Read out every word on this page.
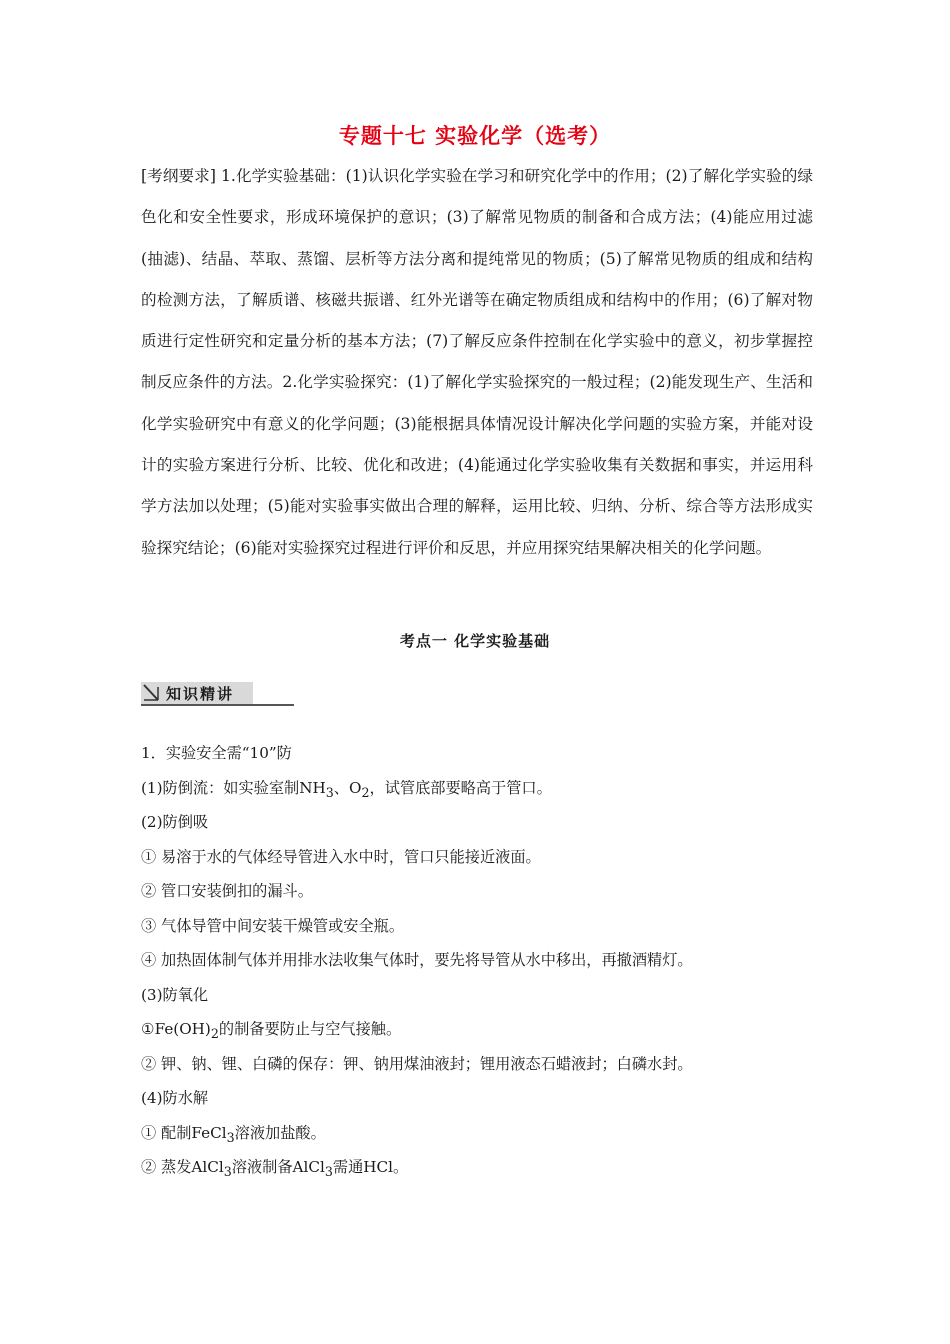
专题十七 实验化学（选考）

[考纲要求] 1.化学实验基础：(1)认识化学实验在学习和研究化学中的作用；(2)了解化学实验的绿色化和安全性要求，形成环境保护的意识；(3)了解常见物质的制备和合成方法；(4)能应用过滤(抽滤)、结晶、萃取、蒸馏、层析等方法分离和提纯常见的物质；(5)了解常见物质的组成和结构的检测方法，了解质谱、核磁共振谱、红外光谱等在确定物质组成和结构中的作用；(6)了解对物质进行定性研究和定量分析的基本方法；(7)了解反应条件控制在化学实验中的意义，初步掌握控制反应条件的方法。2.化学实验探究：(1)了解化学实验探究的一般过程；(2)能发现生产、生活和化学实验研究中有意义的化学问题；(3)能根据具体情况设计解决化学问题的实验方案，并能对设计的实验方案进行分析、比较、优化和改进；(4)能通过化学实验收集有关数据和事实，并运用科学方法加以处理；(5)能对实验事实做出合理的解释，运用比较、归纳、分析、综合等方法形成实验探究结论；(6)能对实验探究过程进行评价和反思，并应用探究结果解决相关的化学问题。

考点一 化学实验基础
知识精讲
1．实验安全需“10”防
(1)防倒流：如实验室制$NH_3$、$O_2$，试管底部要略高于管口。
(2)防倒吸
① 易溶于水的气体经导管进入水中时，管口只能接近液面。
② 管口安装倒扣的漏斗。
③ 气体导管中间安装干燥管或安全瓶。
④ 加热固体制气体并用排水法收集气体时，要先将导管从水中移出，再撤酒精灯。
(3)防氧化
$①Fe(OH)_2$的制备要防止与空气接触。
② 钾、钠、锂、白磷的保存：钾、钠用煤油液封；锂用液态石蜡液封；白磷水封。
(4)防水解
① 配制FeCl$_3$溶液加盐酸。
② 蒸发AlCl$_3$溶液制备AlCl$_3$需通HCl。
